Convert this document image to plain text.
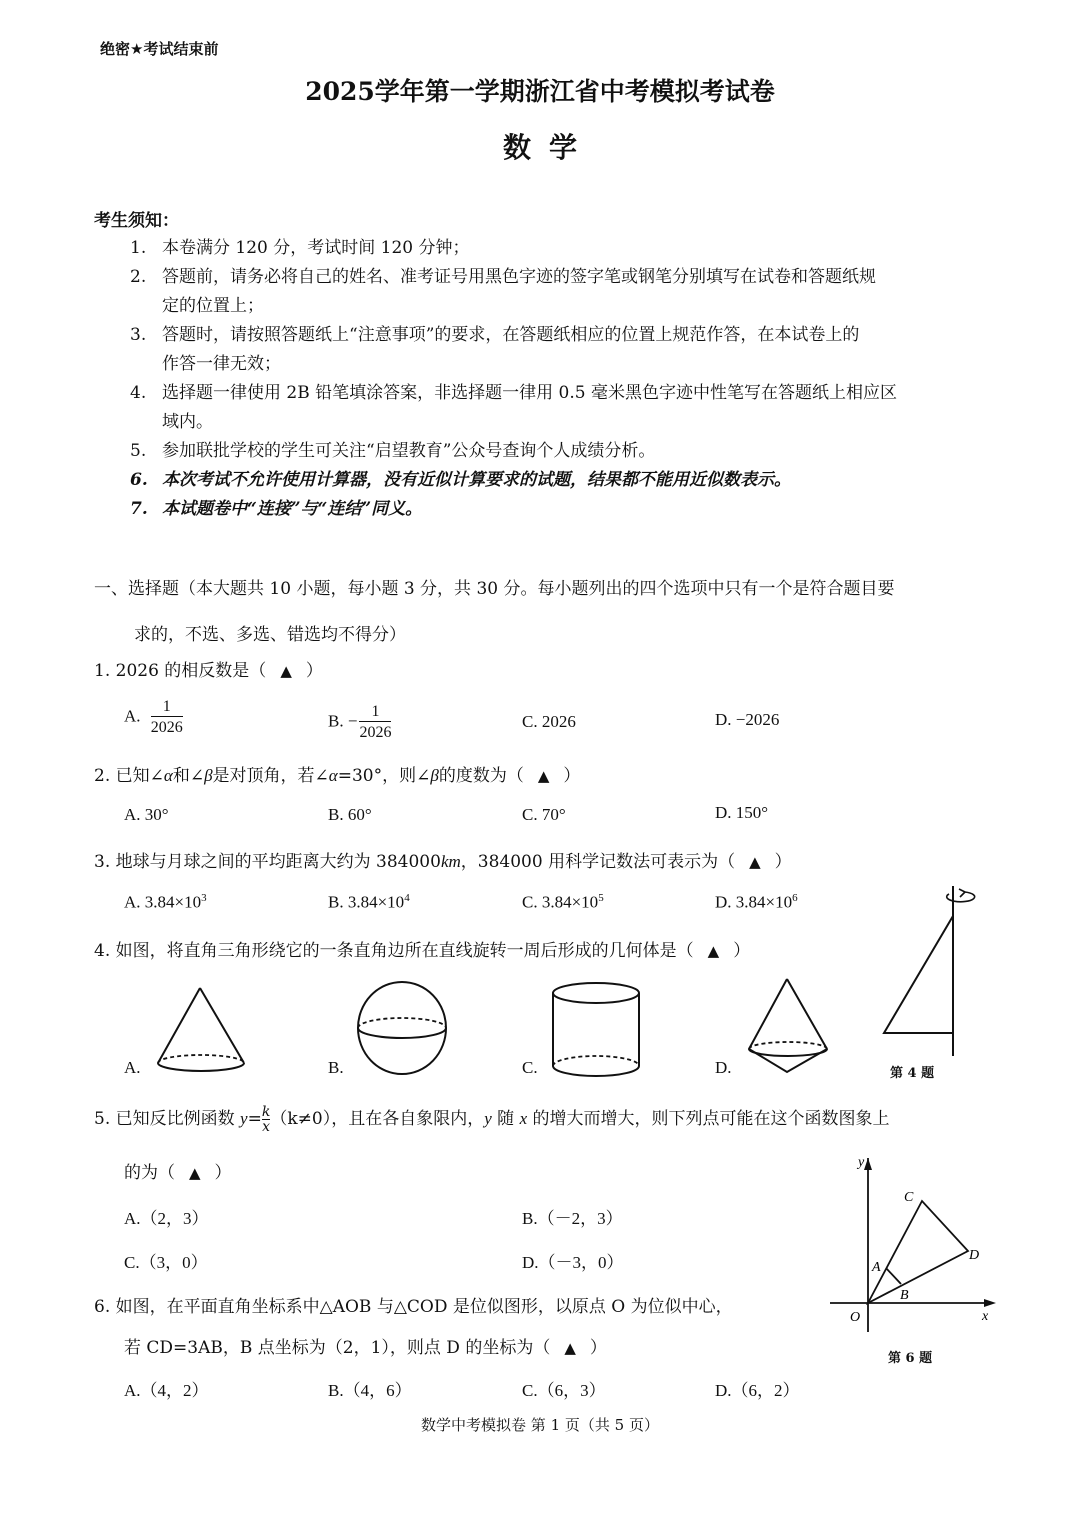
绝密★考试结束前
2025学年第一学期浙江省中考模拟考试卷
数学
考生须知：
1. 本卷满分 120 分，考试时间 120 分钟；
2. 答题前，请务必将自己的姓名、准考证号用黑色字迹的签字笔或钢笔分别填写在试卷和答题纸规
定的位置上；
3. 答题时，请按照答题纸上“注意事项”的要求，在答题纸相应的位置上规范作答，在本试卷上的
作答一律无效；
4. 选择题一律使用 2B 铅笔填涂答案，非选择题一律用 0.5 毫米黑色字迹中性笔写在答题纸上相应区
域内。
5. 参加联批学校的学生可关注“启望教育”公众号查询个人成绩分析。
6. 本次考试不允许使用计算器，没有近似计算要求的试题，结果都不能用近似数表示。
7. 本试题卷中“连接”与“连结”同义。
一、选择题（本大题共 10 小题，每小题 3 分，共 30 分。每小题列出的四个选项中只有一个是符合题目要
求的，不选、多选、错选均不得分）
1. 2026 的相反数是（ ▲ ）
A. $\frac{1}{2026}$	B. − $\frac{1}{2026}$	C. 2026	D. −2026
2. 已知∠α和∠β是对顶角，若∠α=30°，则∠β的度数为（ ▲ ）
A. 30°	B. 60°	C. 70°	D. 150°
3. 地球与月球之间的平均距离大约为 384000km，384000 用科学记数法可表示为（ ▲ ）
A. $3.84\times 10^3$	B. $3.84\times 10^4$	C. $3.84\times 10^5$	D. $3.84\times 10^6$
4. 如图，将直角三角形绕它的一条直角边所在直线旋转一周后形成的几何体是（ ▲ ）
A.	B.	C.	D.	第 4 题
5. 已知反比例函数 $y= \frac{k}{x} (k\ne 0)$，且在各自象限内，y 随 x 的增大而增大，则下列点可能在这个函数图象上
的为（ ▲ ）
A.（2，3）	B.（－2，3）
C.（3，0）	D.（－3，0）
y
x
O
A
B
C
D
第 6 题
6. 如图，在平面直角坐标系中△AOB 与△COD 是位似图形，以原点 O 为位似中心，
若 CD=3AB，B 点坐标为（2，1），则点 D 的坐标为（ ▲ ）
A.（4，2）	B.（4，6）	C.（6，3）	D.（6，2）
数学中考模拟卷 第 1 页（共 5 页）
